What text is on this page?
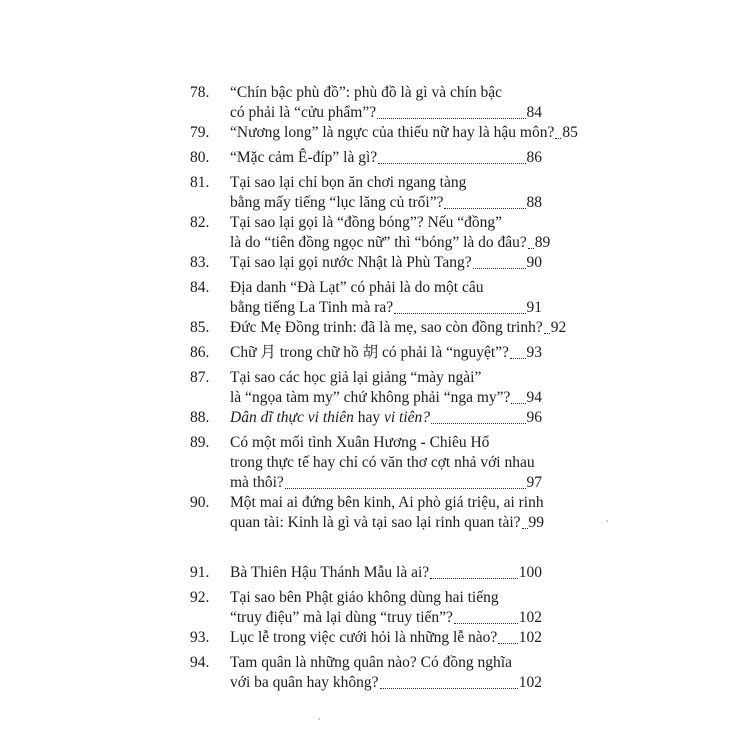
78.	“Chín bậc phù đồ”: phù đồ là gì và chín bậc
có phải là “cửu phẩm”?	84
79.	“Nương long” là ngực của thiếu nữ hay là hậu môn? 85
80.	“Mặc cảm Ê-đíp” là gì?	86
81.	Tại sao lại chỉ bọn ăn chơi ngang tàng
bằng mấy tiếng “lục lăng củ trối”?	88
82.	Tại sao lại gọi là “đồng bóng”? Nếu “đồng”
là do “tiên đồng ngọc nữ” thì “bóng” là do đâu? 89
83.	Tại sao lại gọi nước Nhật là Phù Tang?	90
84.	Địa danh “Đà Lạt” có phải là do một câu
bằng tiếng La Tinh mà ra?	91
85.	Đức Mẹ Đồng trinh: đã là mẹ, sao còn đồng trinh? 92
86.	Chữ 月 trong chữ hồ 胡 có phải là “nguyệt”? 93
87.	Tại sao các học giả lại giảng “mày ngài”
là “ngọa tàm my” chứ không phải “nga my”? 94
88.	Dân dĩ thực vi thiên hay vi tiên?	96
89.	Có một mối tình Xuân Hương - Chiêu Hổ
trong thực tế hay chỉ có văn thơ cợt nhả với nhau
mà thôi?	97
90.	Một mai ai đứng bên kinh, Ai phò giá triệu, ai rinh
quan tài: Kinh là gì và tại sao lại rinh quan tài? 99
91.	Bà Thiên Hậu Thánh Mẫu là ai?	100
92.	Tại sao bên Phật giáo không dùng hai tiếng
“truy điệu” mà lại dùng “truy tiến”?	102
93.	Lục lễ trong việc cưới hỏi là những lễ nào? 102
94.	Tam quân là những quân nào? Có đồng nghĩa
với ba quân hay không?	102
